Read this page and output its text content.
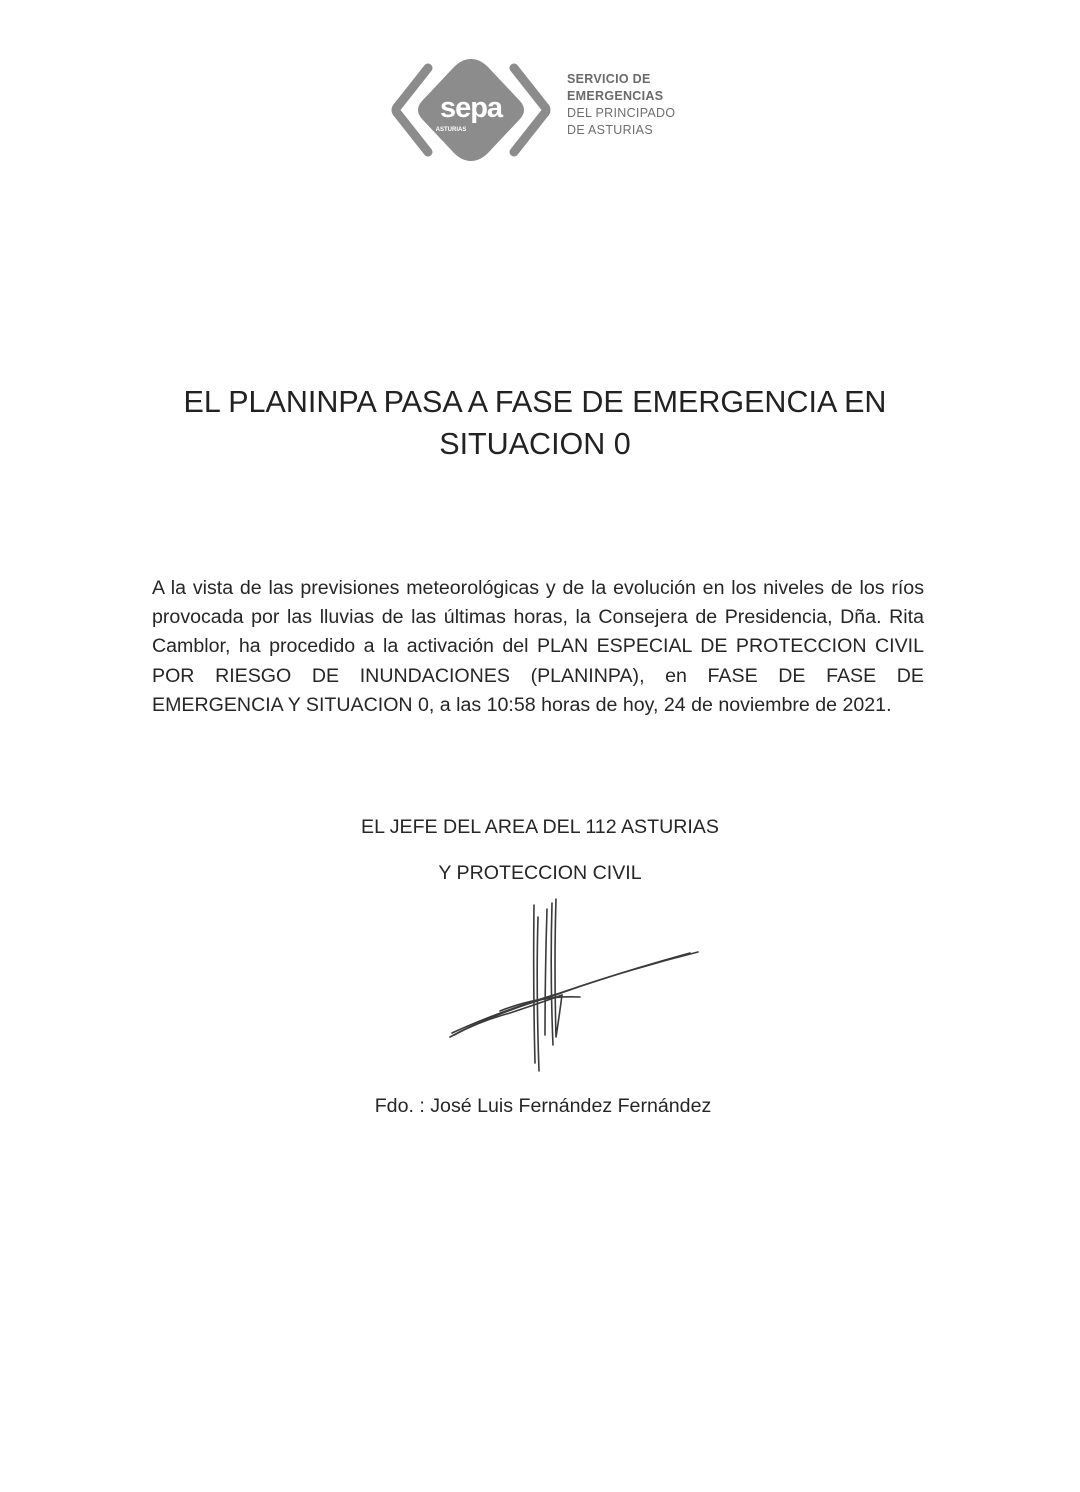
sepa
ASTURIAS
SERVICIO DE
EMERGENCIAS
DEL PRINCIPADO
DE ASTURIAS
EL PLANINPA PASA A FASE DE EMERGENCIA EN
SITUACION 0
A la vista de las previsiones meteorológicas y de la evolución en los niveles de los ríos provocada por las lluvias de las últimas horas, la Consejera de Presidencia, Dña. Rita Camblor, ha procedido a la activación del PLAN ESPECIAL DE PROTECCION CIVIL POR RIESGO DE INUNDACIONES (PLANINPA), en FASE DE FASE DE EMERGENCIA Y SITUACION 0, a las 10:58 horas de hoy, 24 de noviembre de 2021.
EL JEFE DEL AREA DEL 112 ASTURIAS
Y PROTECCION CIVIL
Fdo. : José Luis Fernández Fernández
